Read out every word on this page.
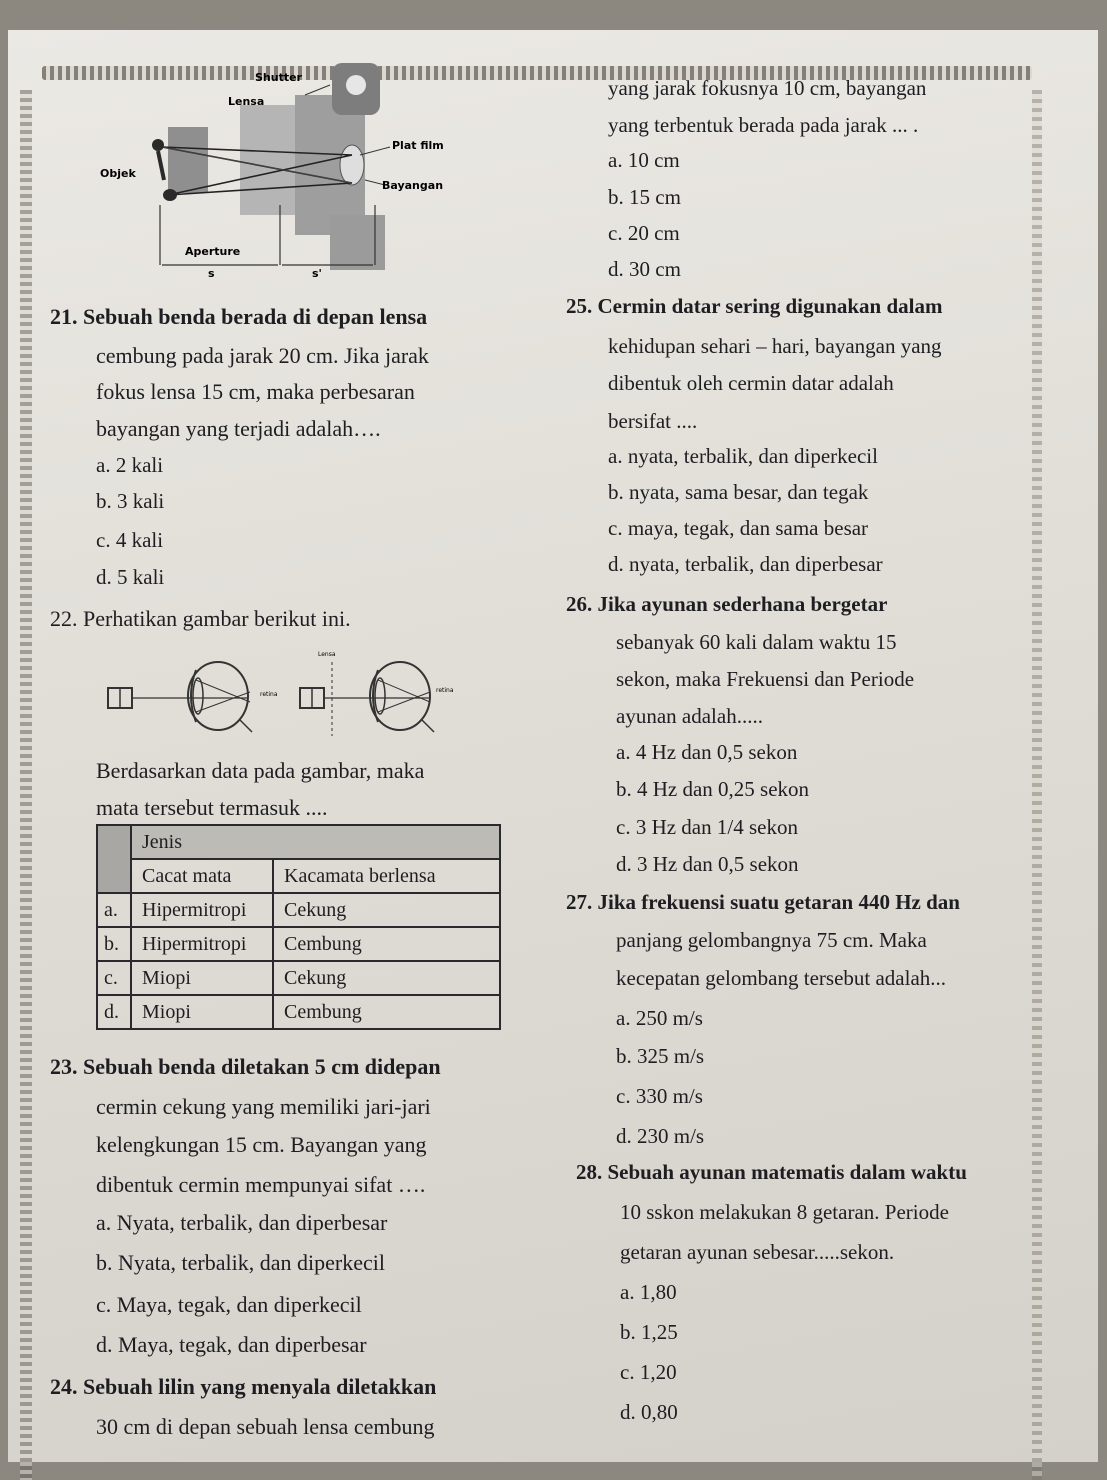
Shutter
Lensa
Plat film
Objek
Bayangan
Aperture
s	s'
yang jarak fokusnya 10 cm, bayangan
yang terbentuk berada pada jarak ... .
a. 10 cm
b. 15 cm
c. 20 cm
d. 30 cm
21. Sebuah benda berada di depan lensa
cembung pada jarak 20 cm. Jika jarak
fokus lensa 15 cm, maka perbesaran
bayangan yang terjadi adalah….
a. 2 kali
b. 3 kali
c. 4 kali
d. 5 kali
22. Perhatikan gambar berikut ini.
retina
Lensa
retina
Berdasarkan data pada gambar, maka
mata tersebut termasuk ....
	Jenis	
	Cacat mata	Kacamata berlensa
a.	Hipermitropi	Cekung
b.	Hipermitropi	Cembung
c.	Miopi	Cekung
d.	Miopi	Cembung
23. Sebuah benda diletakan 5 cm didepan
cermin cekung yang memiliki jari-jari
kelengkungan 15 cm. Bayangan yang
dibentuk cermin mempunyai sifat ….
a. Nyata, terbalik, dan diperbesar
b. Nyata, terbalik, dan diperkecil
c. Maya, tegak, dan diperkecil
d. Maya, tegak, dan diperbesar
24. Sebuah lilin yang menyala diletakkan
30 cm di depan sebuah lensa cembung
25. Cermin datar sering digunakan dalam
kehidupan sehari – hari, bayangan yang
dibentuk oleh cermin datar adalah
bersifat ....
a. nyata, terbalik, dan diperkecil
b. nyata, sama besar, dan tegak
c. maya, tegak, dan sama besar
d. nyata, terbalik, dan diperbesar
26. Jika ayunan sederhana bergetar
sebanyak 60 kali dalam waktu 15
sekon, maka Frekuensi dan Periode
ayunan adalah.....
a. 4 Hz dan 0,5 sekon
b. 4 Hz dan 0,25 sekon
c. 3 Hz dan 1/4 sekon
d. 3 Hz dan 0,5 sekon
27. Jika frekuensi suatu getaran 440 Hz dan
panjang gelombangnya 75 cm. Maka
kecepatan gelombang tersebut adalah...
a. 250 m/s
b. 325 m/s
c. 330 m/s
d. 230 m/s
28. Sebuah ayunan matematis dalam waktu
10 sskon melakukan 8 getaran. Periode
getaran ayunan sebesar.....sekon.
a. 1,80
b. 1,25
c. 1,20
d. 0,80
